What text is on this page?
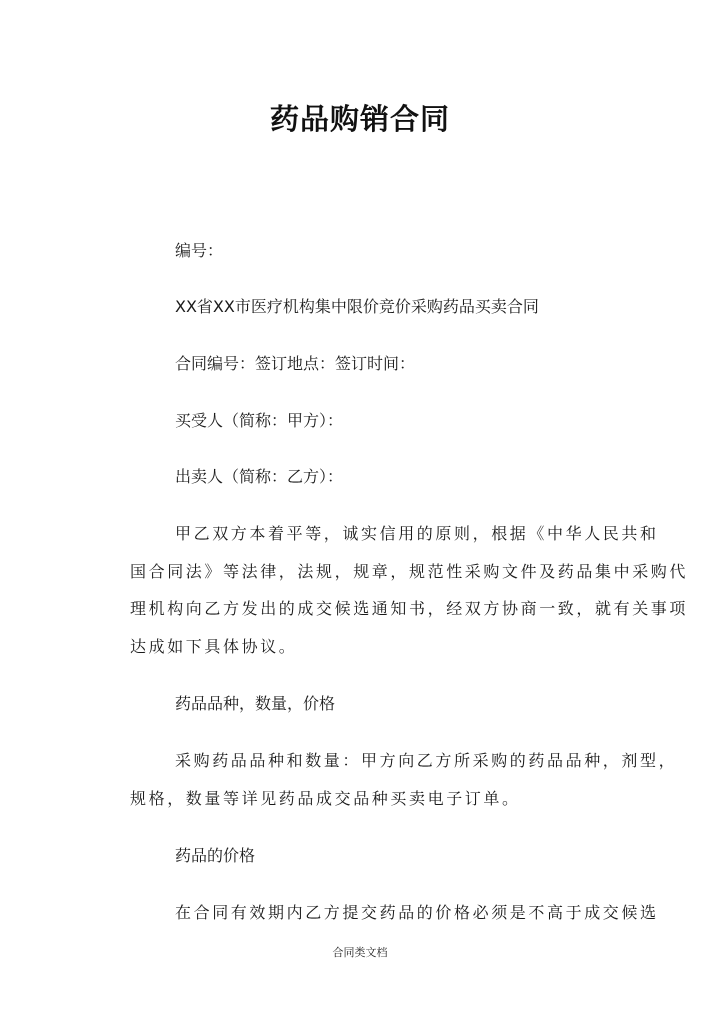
药品购销合同
编号：
XX省XX市医疗机构集中限价竞价采购药品买卖合同
合同编号：签订地点：签订时间：
买受人（简称：甲方）：
出卖人（简称：乙方）：
甲乙双方本着平等，诚实信用的原则，根据《中华人民共和
国合同法》等法律，法规，规章，规范性采购文件及药品集中采购代
理机构向乙方发出的成交候选通知书，经双方协商一致，就有关事项
达成如下具体协议。
药品品种，数量，价格
采购药品品种和数量：甲方向乙方所采购的药品品种，剂型，
规格，数量等详见药品成交品种买卖电子订单。
药品的价格
在合同有效期内乙方提交药品的价格必须是不高于成交候选
合同类文档
